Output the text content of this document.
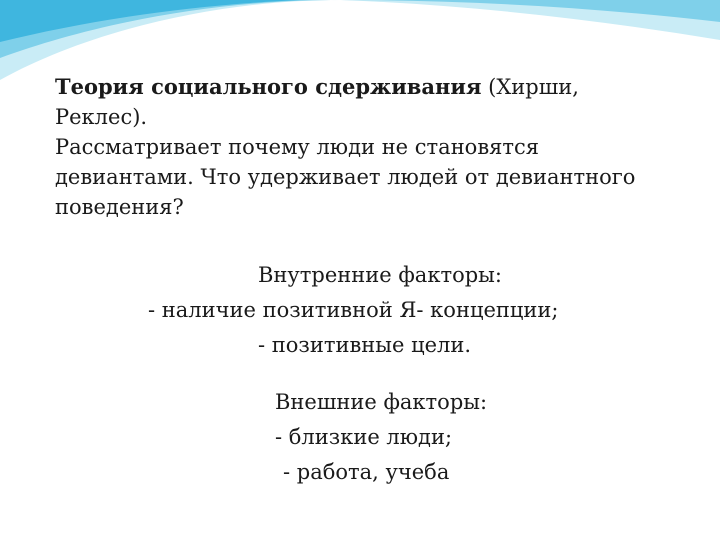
Теория социального сдерживания (Хирши,
Реклес).
Рассматривает почему люди не становятся
девиантами. Что удерживает людей от девиантного
поведения?
Внутренние факторы:
- наличие позитивной Я- концепции;
- позитивные цели.
Внешние факторы:
- близкие люди;
- работа, учеба
